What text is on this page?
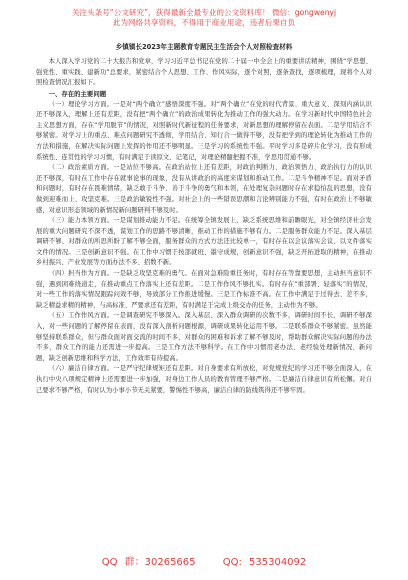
关注头条号“公文研究”，获得最新全最专业的公文资料库！ 微信：gongwenyj
此为网络共享资料，不得用于商业用途，违者后果自负
乡镇镇长2023年主题教育专题民主生活会个人对照检查材料

本人深入学习党的二十大报告和党章，学习习近平总书记在党的二十届一中全会上的重要讲话精神，围绕“学思想、强党性、重实践、建新功”总要求，紧密结合个人思想、工作、作风实际，逐个对照，逐条查找，逐项梳理，现将个人对照检查情况汇报如下。

一、存在的主要问题

（一）理论学习方面。一是对“两个确立”感悟深度不强。对“两个确立”在党的时代背景、重大意义、深刻内涵认识还不够深入，理解上还有差距，没有把“两个确立”的政治成果转化为推动工作的强大动力。在学习新时代中国特色社会主义思想方面，存在“学用脱节”的情况，对照新时代新征程的任务要求，对新思想的理解停留在表面。二是学用结合不够紧密。对学习上的重点、难点问题研究不透彻，学用结合、知行合一做得不够，没有把学到的理论转化为推动工作的方法和措施，在解决实际问题上发挥的作用还不够明显。三是学习的系统性不强。平时学习多是碎片化学习，没有形成系统性、连贯性的学习习惯，有时满足于读原文、记笔记，对理论精髓把握不准，学思用贯通不够。

（二）政治素质方面。一是站位不够高。在政治站位上还有差距，对政治判断力、政治领悟力、政治执行力的认识还不够深，有时在工作中存在就事论事的现象，没有从讲政治的高度来谋划和推动工作。二是斗争精神不足。面对矛盾和问题时，有时存在畏难情绪，缺乏敢于斗争、善于斗争的勇气和本领，在处理复杂问题时存在求稳怕乱的思想，没有做到迎难而上、攻坚克难。三是政治敏锐性不强。对社会上的一些错误思潮和言论辨别能力不强，有时在政治上不够敏感，对意识形态领域的新情况新问题研判不够及时。

（三）能力本领方面。一是谋划推动能力不足。在统筹全镇发展上，缺乏系统思维和前瞻眼光，对全镇经济社会发展的重大问题研究不深不透，谋划工作的思路不够清晰，推动工作的措施不够有力。二是服务群众能力不足。深入基层调研不够，对群众的所思所盼了解不够全面，服务群众的方式方法还比较单一，有时存在以会议落实会议、以文件落实文件的情况。三是创新意识不强。在工作中习惯于按部就班、墨守成规，创新意识不强，缺乏开拓进取的精神，在推动乡村振兴、产业发展等方面办法不多、招数不新。

（四）担当作为方面。一是缺乏攻坚克难的勇气。在面对急难险重任务时，有时存在等靠要思想，主动担当意识不强，遇到困难绕道走，在推动重点工作落实上还有差距。二是工作作风不够扎实。有时存在“重部署、轻落实”的情况，对一些工作的落实情况跟踪问效不够，导致部分工作推进缓慢。三是工作标准不高。在工作中满足于过得去、差不多，缺乏精益求精的精神，与高标准、严要求还有差距，有时满足于完成上级交办的任务，主动作为不够。

（五）工作作风方面。一是调查研究不够深入。深入基层、深入群众调研的次数不多，调研时间不长，调研不够深入，对一些问题的了解停留在表面，没有深入剖析问题根源，调研成果转化运用不够。二是联系群众不够紧密。虽然能够坚持联系群众，但与群众面对面交流的时间不多，对群众的困难和诉求了解不够及时，帮助群众解决实际问题的办法不多，群众工作的能力还需进一步提高。三是工作方法不够科学。在工作中习惯用老办法、老经验处理新情况、新问题，缺乏创新思维和科学方法，工作效率有待提高。

（六）廉洁自律方面。一是严守纪律规矩还有差距。对自身要求有所放松，对党规党纪的学习还不够全面深入，在执行中央八项规定精神上还需要进一步加强，对身边工作人员的教育管理不够严格。二是廉洁自律意识有所松懈。对自己要求不够严格，有时认为小事小节无关紧要，警惕性不够高，廉洁自律的防线筑得还不够牢固。

QQ 群：30265665	QQ: 535304092
